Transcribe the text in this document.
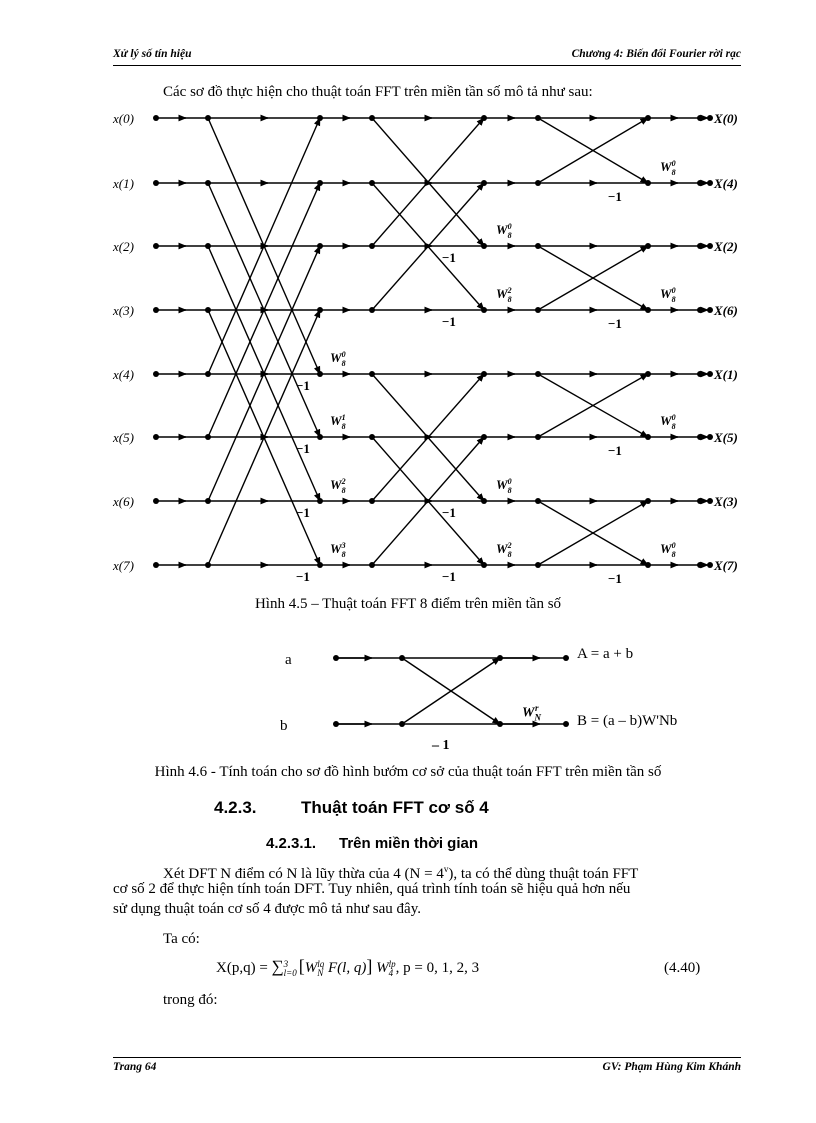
Xử lý số tín hiệu	Chương 4: Biến đổi Fourier rời rạc
Các sơ đồ thực hiện cho thuật toán FFT trên miền tần số mô tả như sau:
x(0)
x(1)
x(2)
x(3)
x(4)
x(5)
x(6)
x(7)
X(0)
X(4)
X(2)
X(6)
X(1)
X(5)
X(3)
X(7)
$W^0$ 8
−1
$W^1$ 8
−1
$W^2$ 8
−1
$W^3$ 8
−1
$W^0$ 8
−1
$W^2$ 8
−1
$W^0$ 8
−1
$W^2$ 8
−1
$W^0$ 8
−1
$W^0$ 8
−1
$W^0$ 8
−1
$W^0$ 8
−1
Hình 4.5 – Thuật toán FFT 8 điểm trên miền tần số
a
b
A = a + b
B = (a – b)W'Nb
$W_N^r$
– 1
Hình 4.6 - Tính toán cho sơ đồ hình bướm cơ sở của thuật toán FFT trên miền tần số
4.2.3.	Thuật toán FFT cơ số 4
4.2.3.1. Trên miền thời gian
Xét DFT N điểm có N là lũy thừa của 4 $(N = 4^v)$, ta có thể dùng thuật toán FFT
cơ số 2 để thực hiện tính toán DFT. Tuy nhiên, quá trình tính toán sẽ hiệu quả hơn nếu
sử dụng thuật toán cơ số 4 được mô tả như sau đây.
Ta có:
X(p,q) = ∑ 3
l=0 [W lq
N F(l, q)] W lp
4 , p = 0, 1, 2, 3	(4.40)
trong đó:
Trang 64	GV: Phạm Hùng Kim Khánh
